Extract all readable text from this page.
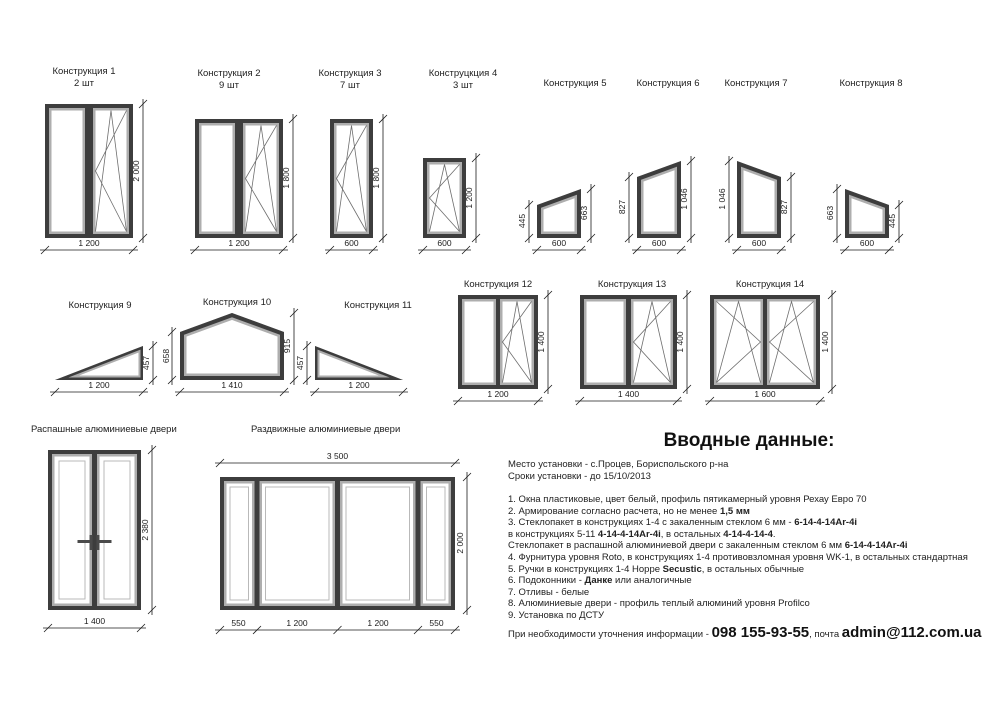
Конструкция 1
2 шт
Конструкция 2
9 шт
Конструкция 3
7 шт
Конструцкция 4
3 шт	Конструкция 5	Конструкция 6	Конструкция 7	Конструкция 8
1 200
2 000
1 200
1 800
600
1 800
600
1 200
445
663
600
827	1 046
600
1 046	827
600
663
445
600
Конструкция 9	Конструкция 10	Конструкция 11
Конструкция 12	Конструкция 13	Конструкция 14
1 200
457 658
915
1 410
457
1 200
1 200
1 400
1 400
1 400
1 600
1 400
Распашные алюминиевые двери	Раздвижные алюминиевые двери
1 400
2 380
3 500
550	1 200	1 200	550
2 000
Вводные данные:
Место установки - с.Процев, Бориспольского р-на
Сроки установки - до 15/10/2013
1. Окна пластиковые, цвет белый, профиль пятикамерный уровня Рехау Евро 70
2. Армирование согласно расчета, но не менее 1,5 мм
3. Стеклопакет в конструкциях 1-4 с закаленным стеклом 6 мм - 6-14-4-14Ar-4i
в конструкциях 5-11 4-14-4-14Ar-4i, в остальных 4-14-4-14-4.
Стеклопакет в распашной алюминиевой двери с закаленным стеклом 6 мм 6-14-4-14Ar-4i
4. Фурнитура уровня Roto, в конструкциях 1-4 противовзломная уровня WK-1, в остальных стандартная
5. Ручки в конструкциях 1-4 Hoppe Secustic, в остальных обычные
6. Подоконники - Данке или аналогичные
7. Отливы - белые
8. Алюминиевые двери - профиль теплый алюминий уровня Profilco
9. Установка по ДСТУ
При необходимости уточнения информации - 098 155-93-55, почта admin@112.com.ua
